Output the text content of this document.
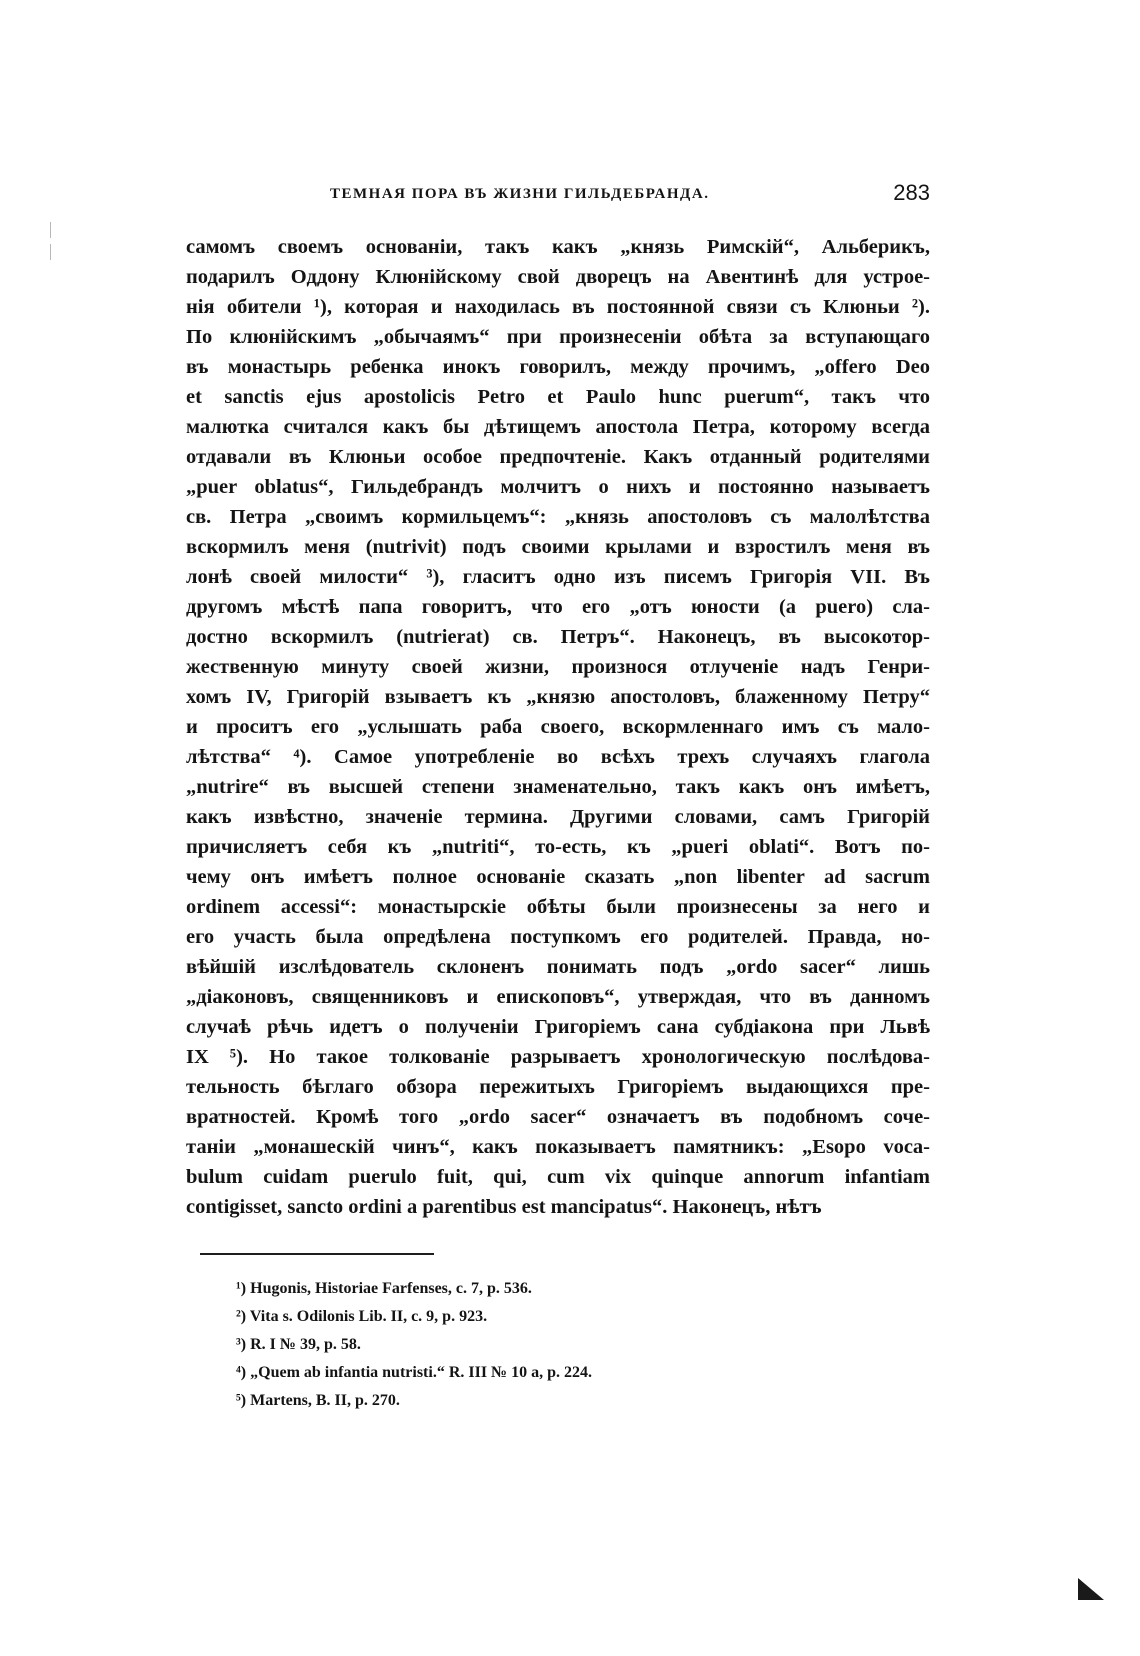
ТЕМНАЯ ПОРА ВЪ ЖИЗНИ ГИЛЬДЕБРАНДА.	283
самомъ своемъ основаніи, такъ какъ „князь Римскій“, Альберикъ,
подарилъ Оддону Клюнійскому свой дворецъ на Авентинѣ для устрое-
нія обители ¹), которая и находилась въ постоянной связи съ Клюньи ²).
По клюнійскимъ „обычаямъ“ при произнесеніи обѣта за вступающаго
въ монастырь ребенка инокъ говорилъ, между прочимъ, „offero Deo
et sanctis ejus apostolicis Petro et Paulo hunc puerum“, такъ что
малютка считался какъ бы дѣтищемъ апостола Петра, которому всегда
отдавали въ Клюньи особое предпочтеніе. Какъ отданный родителями
„puer oblatus“, Гильдебрандъ молчитъ о нихъ и постоянно называетъ
св. Петра „своимъ кормильцемъ“: „князь апостоловъ съ малолѣтства
вскормилъ меня (nutrivit) подъ своими крылами и взростилъ меня въ
лонѣ своей милости“ ³), гласитъ одно изъ писемъ Григорія VII. Въ
другомъ мѣстѣ папа говоритъ, что его „отъ юности (a puero) сла-
достно вскормилъ (nutrierat) св. Петръ“. Наконецъ, въ высокотор-
жественную минуту своей жизни, произнося отлученіе надъ Генри-
хомъ IV, Григорій взываетъ къ „князю апостоловъ, блаженному Петру“
и проситъ его „услышать раба своего, вскормленнаго имъ съ мало-
лѣтства“ ⁴). Самое употребленіе во всѣхъ трехъ случаяхъ глагола
„nutrire“ въ высшей степени знаменательно, такъ какъ онъ имѣетъ,
какъ извѣстно, значеніе термина. Другими словами, самъ Григорій
причисляетъ себя къ „nutriti“, то-есть, къ „pueri oblati“. Вотъ по-
чему онъ имѣетъ полное основаніе сказать „non libenter ad sacrum
ordinem accessi“: монастырскіе обѣты были произнесены за него и
его участь была опредѣлена поступкомъ его родителей. Правда, но-
вѣйшій изслѣдователь склоненъ понимать подъ „ordo sacer“ лишь
„діаконовъ, священниковъ и епископовъ“, утверждая, что въ данномъ
случаѣ рѣчь идетъ о полученіи Григоріемъ сана субдіакона при Львѣ
IX ⁵). Но такое толкованіе разрываетъ хронологическую послѣдова-
тельность бѣглаго обзора пережитыхъ Григоріемъ выдающихся пре-
вратностей. Кромѣ того „ordo sacer“ означаетъ въ подобномъ соче-
таніи „монашескій чинъ“, какъ показываетъ памятникъ: „Esopo voca-
bulum cuidam puerulo fuit, qui, cum vix quinque annorum infantiam
contigisset, sancto ordini a parentibus est mancipatus“. Наконецъ, нѣтъ
¹) Hugonis, Historiae Farfenses, c. 7, p. 536.
²) Vita s. Odilonis Lib. II, c. 9, p. 923.
³) R. I № 39, p. 58.
⁴) „Quem ab infantia nutristi.“ R. III № 10 a, p. 224.
⁵) Martens, B. II, p. 270.
